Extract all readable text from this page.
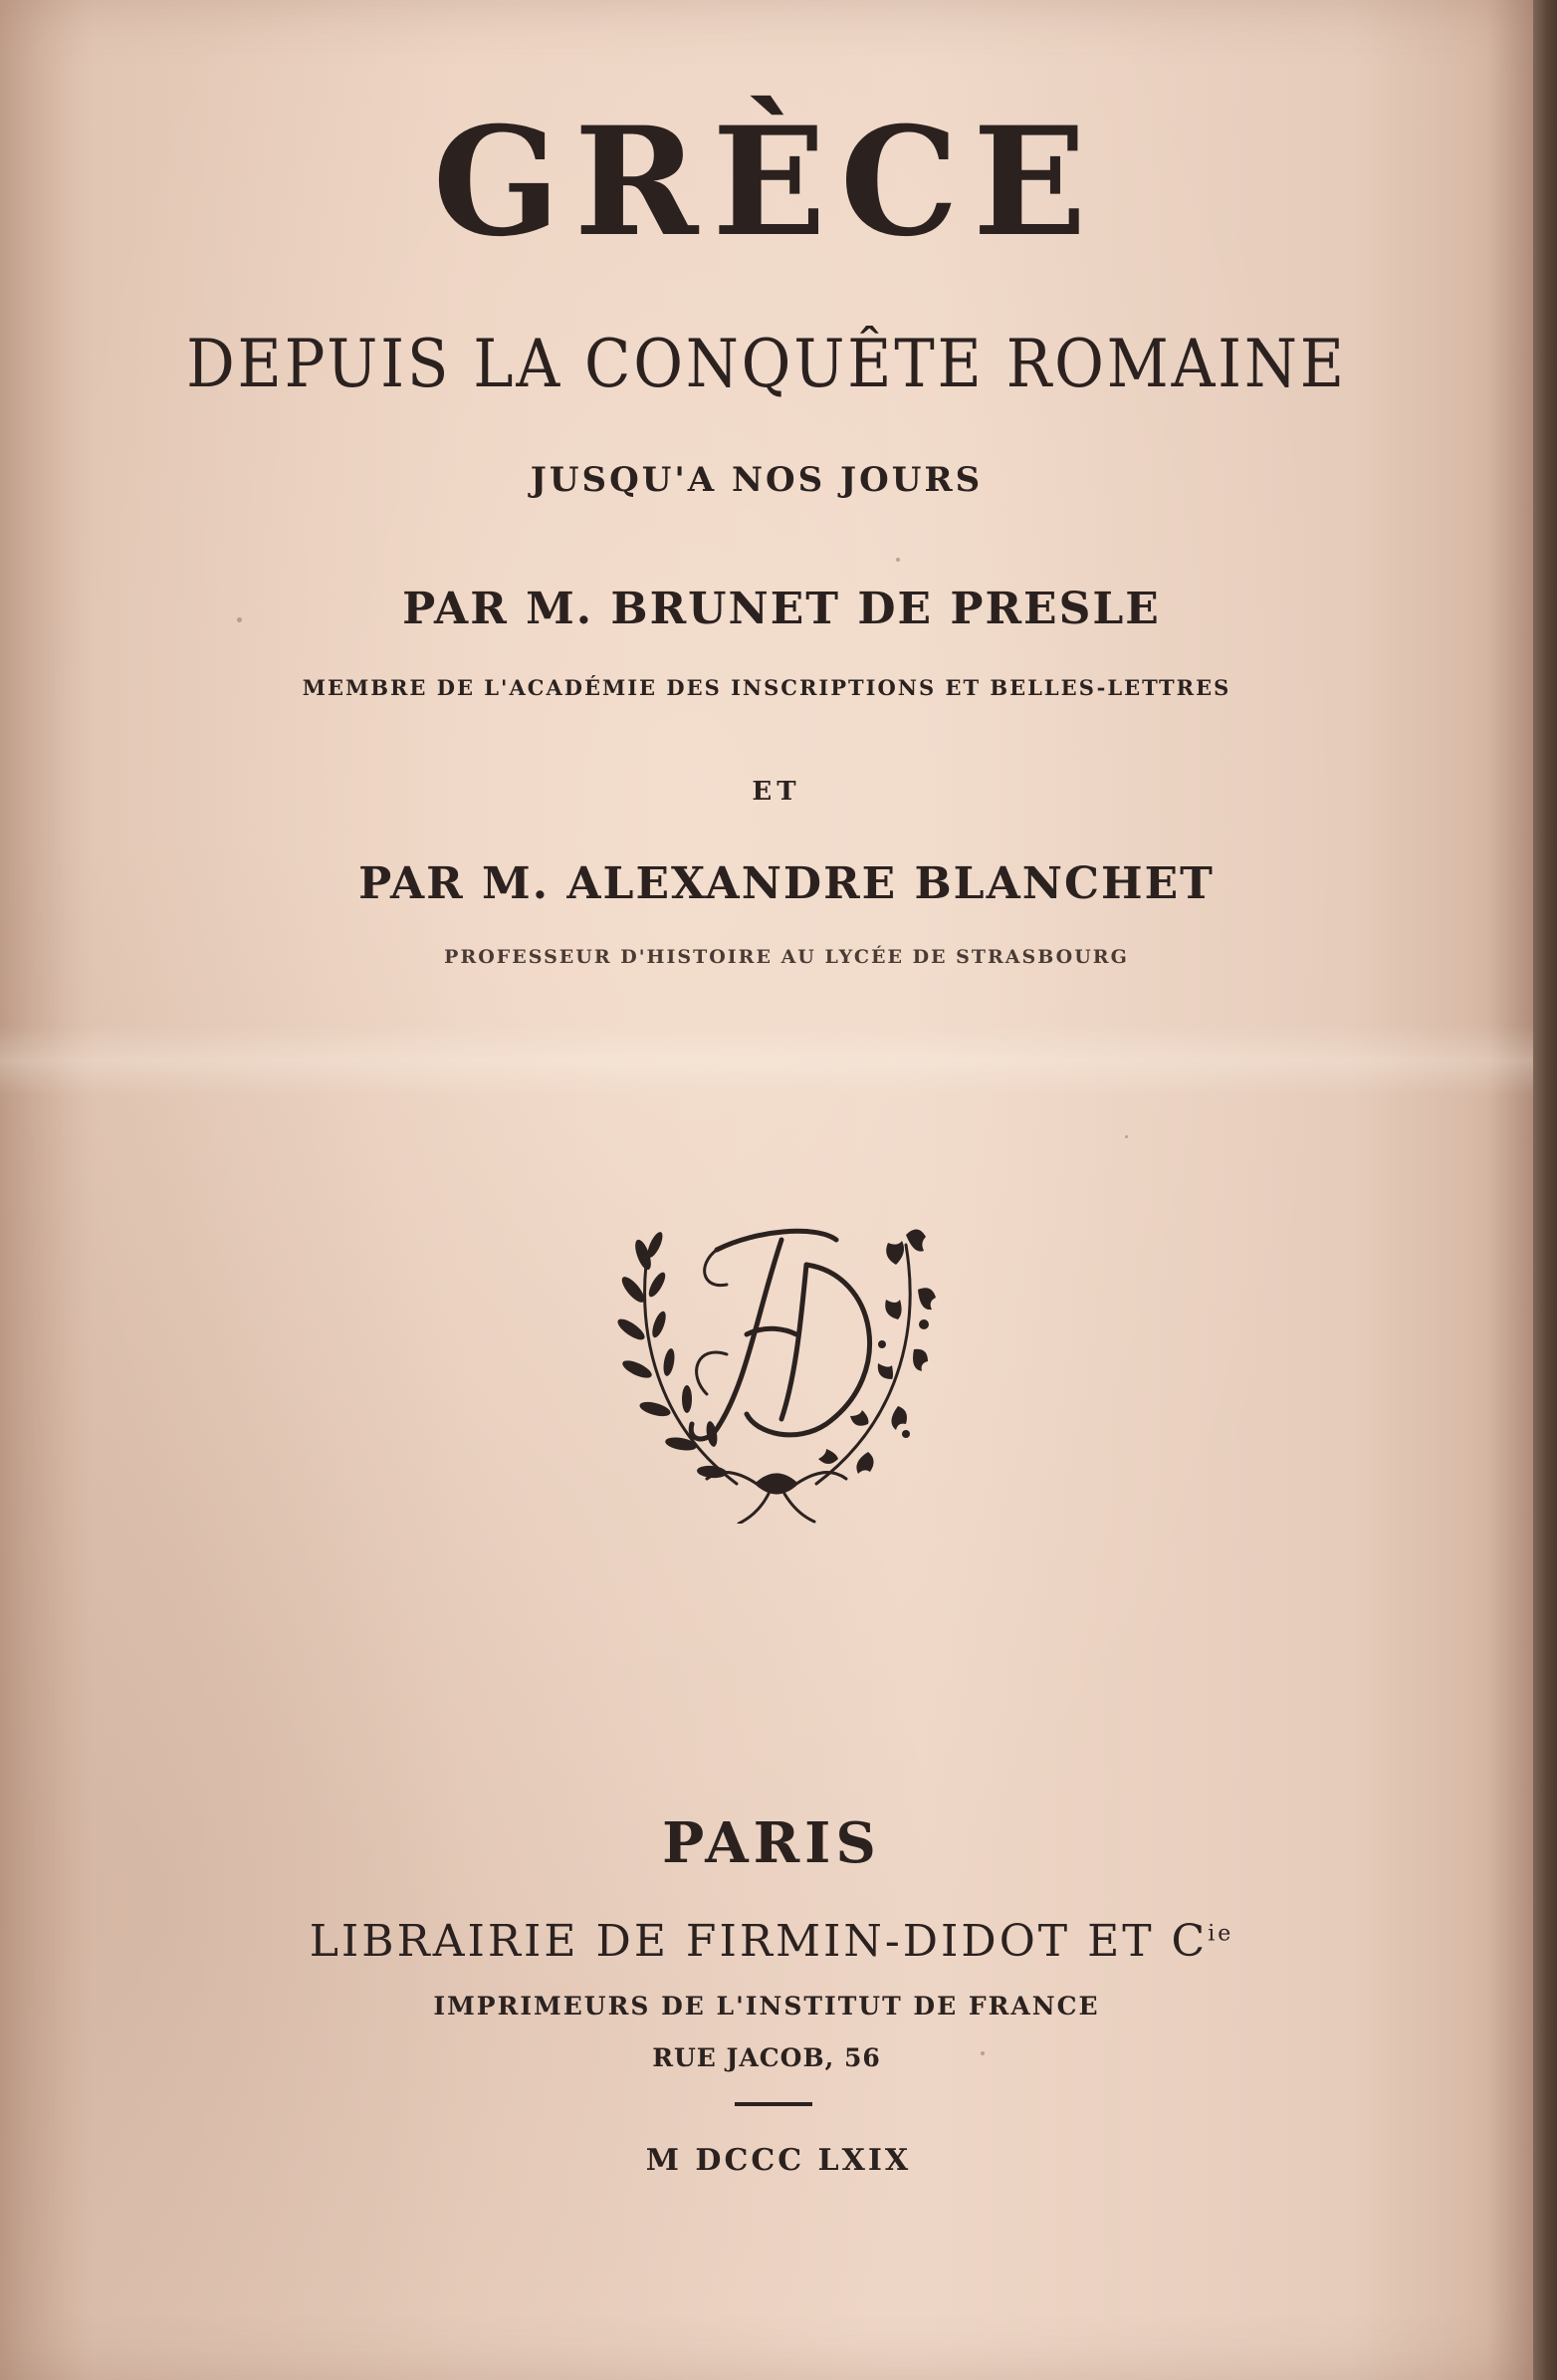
GRÈCE
DEPUIS LA CONQUÊTE ROMAINE
JUSQU'A NOS JOURS
PAR M. BRUNET DE PRESLE
MEMBRE DE L'ACADÉMIE DES INSCRIPTIONS ET BELLES-LETTRES
ET
PAR M. ALEXANDRE BLANCHET
PROFESSEUR D'HISTOIRE AU LYCÉE DE STRASBOURG
PARIS
LIBRAIRIE DE FIRMIN-DIDOT ET $C^{ie}$
IMPRIMEURS DE L'INSTITUT DE FRANCE
RUE JACOB, 56
M DCCC LXIX
